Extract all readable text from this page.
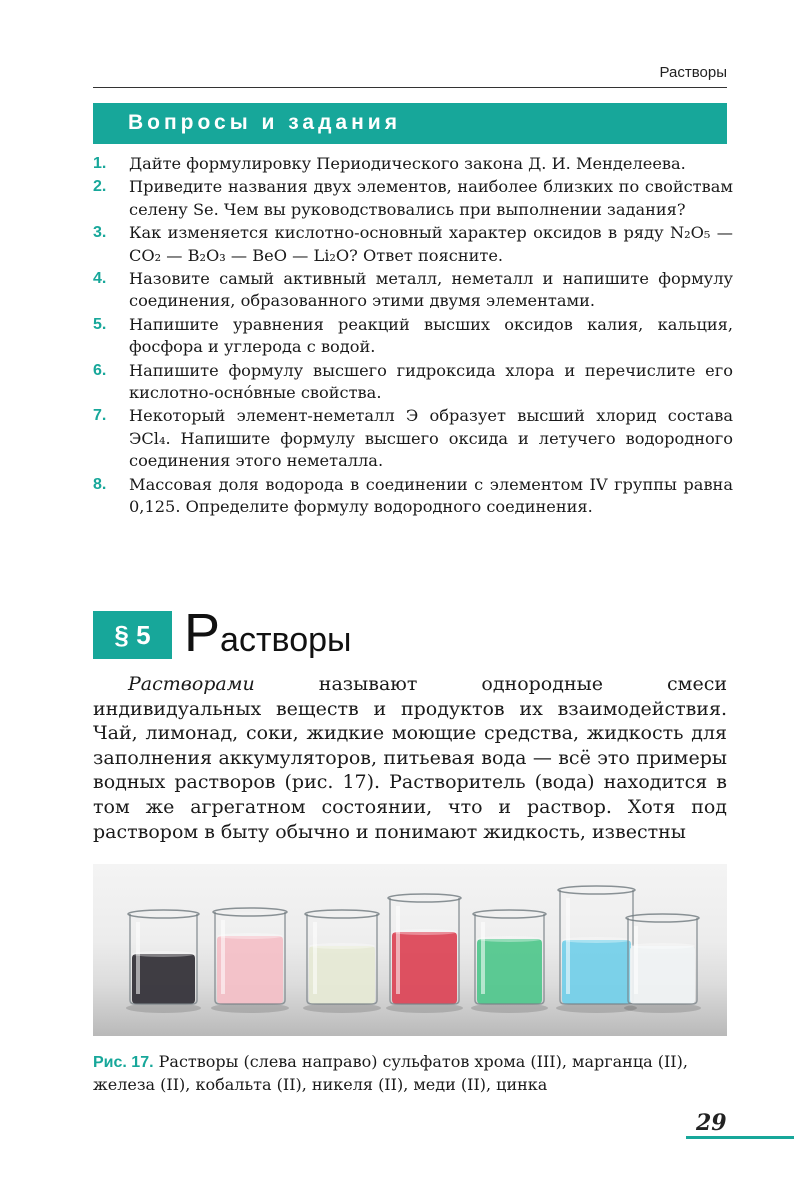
Растворы
Вопросы и задания
1. Дайте формулировку Периодического закона Д. И. Менделеева.
2. Приведите названия двух элементов, наиболее близких по свойствам селену Se. Чем вы руководствовались при выполнении задания?
3. Как изменяется кислотно-основный характер оксидов в ряду N₂O₅ — CO₂ — B₂O₃ — BeO — Li₂O? Ответ поясните.
4. Назовите самый активный металл, неметалл и напишите формулу соединения, образованного этими двумя элементами.
5. Напишите уравнения реакций высших оксидов калия, кальция, фосфора и углерода с водой.
6. Напишите формулу высшего гидроксида хлора и перечислите его кислотно-осно́вные свойства.
7. Некоторый элемент-неметалл Э образует высший хлорид состава ЭCl₄. Напишите формулу высшего оксида и летучего водородного соединения этого неметалла.
8. Массовая доля водорода в соединении с элементом IV группы равна 0,125. Определите формулу водородного соединения.
§ 5 Растворы

Растворами называют однородные смеси индивидуальных веществ и продуктов их взаимодействия. Чай, лимонад, соки, жидкие моющие средства, жидкость для заполнения аккумуляторов, питьевая вода — всё это примеры водных растворов (рис. 17). Растворитель (вода) находится в том же агрегатном состоянии, что и раствор. Хотя под раствором в быту обычно и понимают жидкость, известны

Рис. 17. Растворы (слева направо) сульфатов хрома (III), марганца (II), железа (II), кобальта (II), никеля (II), меди (II), цинка
29
